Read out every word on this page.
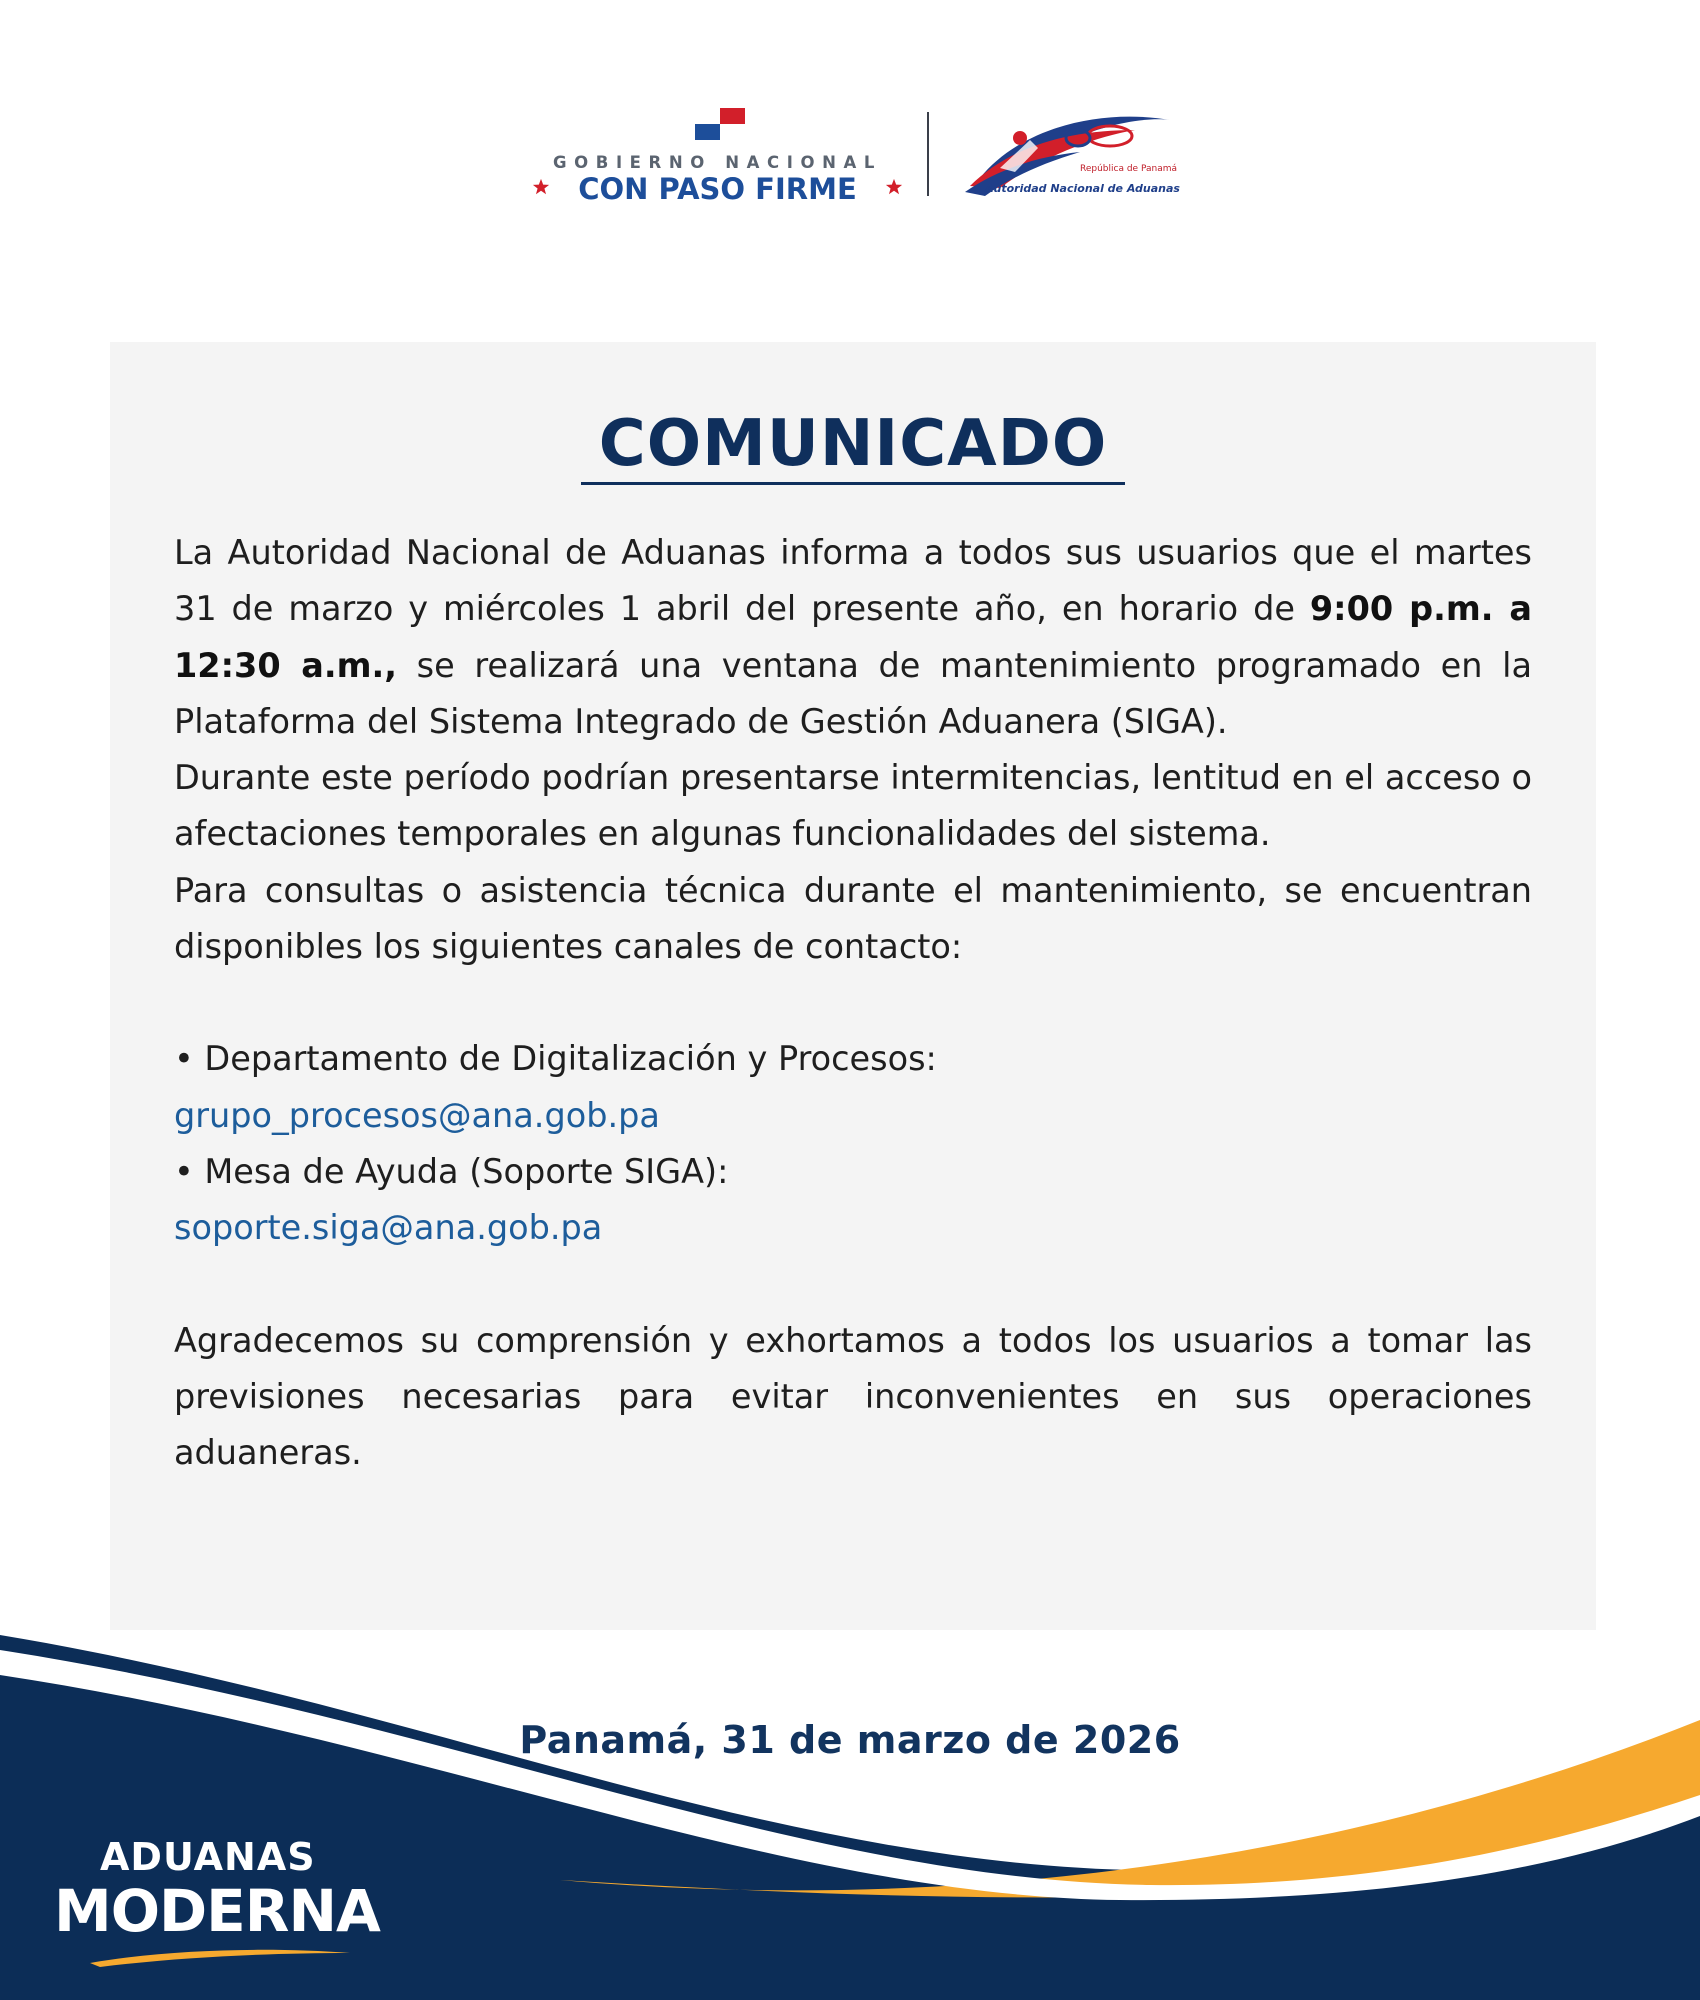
GOBIERNO NACIONAL
CON PASO FIRME
República de Panamá
Autoridad Nacional de Aduanas
COMUNICADO

La Autoridad Nacional de Aduanas informa a todos sus usuarios que el martes 31 de marzo y miércoles 1 abril del presente año, en horario de 9:00 p.m. a 12:30 a.m., se realizará una ventana de mantenimiento programado en la Plataforma del Sistema Integrado de Gestión Aduanera (SIGA).

Durante este período podrían presentarse intermitencias, lentitud en el acceso o afectaciones temporales en algunas funcionalidades del sistema.

Para consultas o asistencia técnica durante el mantenimiento, se encuentran disponibles los siguientes canales de contacto:

• Departamento de Digitalización y Procesos:

grupo_procesos@ana.gob.pa

• Mesa de Ayuda (Soporte SIGA):

soporte.siga@ana.gob.pa

Agradecemos su comprensión y exhortamos a todos los usuarios a tomar las previsiones necesarias para evitar inconvenientes en sus operaciones aduaneras.

Panamá, 31 de marzo de 2026
ADUANAS
MODERNA
